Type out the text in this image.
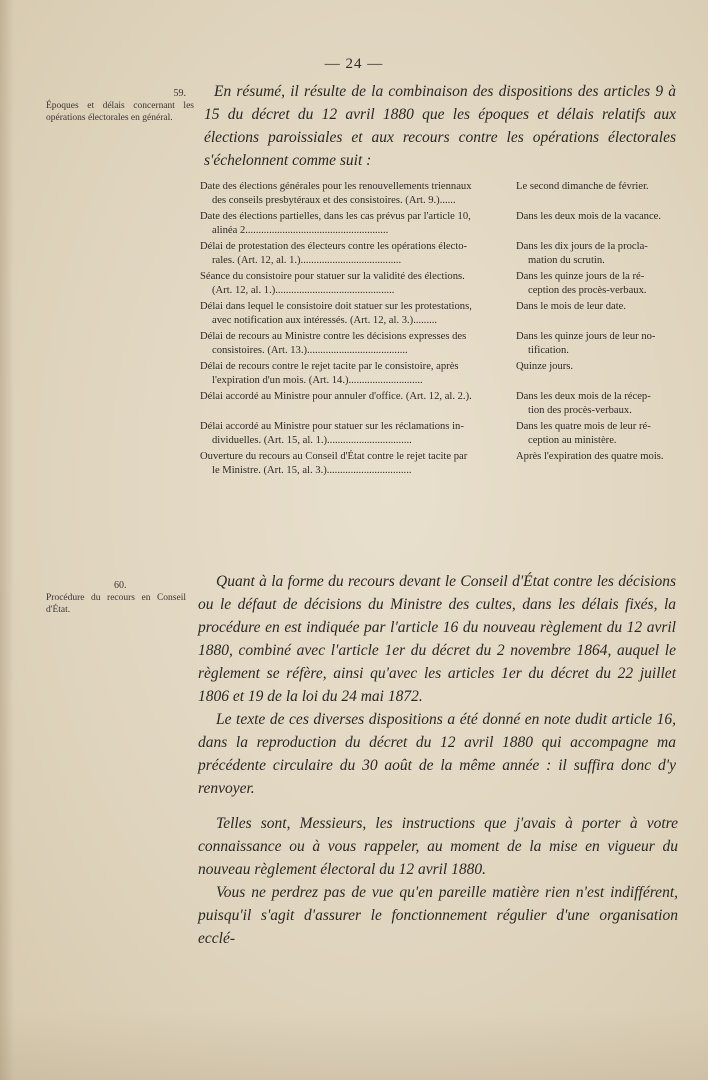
— 24 —
59.
Époques et délais concernant les opérations électorales en général.

En résumé, il résulte de la combinaison des dispositions des articles 9 à 15 du décret du 12 avril 1880 que les époques et délais relatifs aux élections paroissiales et aux recours contre les opérations électorales s'échelonnent comme suit :

Date des élections générales pour les renouvellements triennaux
des conseils presbytéraux et des consistoires. (Art. 9.)......
Le second dimanche de février.
Date des élections partielles, dans les cas prévus par l'article 10,
alinéa 2......................................................
Dans les deux mois de la vacance.
Délai de protestation des électeurs contre les opérations électo-
rales. (Art. 12, al. 1.)......................................
Dans les dix jours de la procla-
mation du scrutin.
Séance du consistoire pour statuer sur la validité des élections.
(Art. 12, al. 1.).............................................
Dans les quinze jours de la ré-
ception des procès-verbaux.
Délai dans lequel le consistoire doit statuer sur les protestations,
avec notification aux intéressés. (Art. 12, al. 3.).........
Dans le mois de leur date.
Délai de recours au Ministre contre les décisions expresses des
consistoires. (Art. 13.)......................................
Dans les quinze jours de leur no-
tification.
Délai de recours contre le rejet tacite par le consistoire, après
l'expiration d'un mois. (Art. 14.)............................
Quinze jours.
Délai accordé au Ministre pour annuler d'office. (Art. 12, al. 2.).	Dans les deux mois de la récep-
tion des procès-verbaux.
Délai accordé au Ministre pour statuer sur les réclamations in-
dividuelles. (Art. 15, al. 1.)................................
Dans les quatre mois de leur ré-
ception au ministère.
Ouverture du recours au Conseil d'État contre le rejet tacite par
le Ministre. (Art. 15, al. 3.)................................
Après l'expiration des quatre mois.
60.
Procédure du recours en Conseil d'État.

Quant à la forme du recours devant le Conseil d'État contre les décisions ou le défaut de décisions du Ministre des cultes, dans les délais fixés, la procédure en est indiquée par l'article 16 du nouveau règlement du 12 avril 1880, combiné avec l'article 1er du décret du 2 novembre 1864, auquel le règlement se réfère, ainsi qu'avec les articles 1er du décret du 22 juillet 1806 et 19 de la loi du 24 mai 1872.

Le texte de ces diverses dispositions a été donné en note dudit article 16, dans la reproduction du décret du 12 avril 1880 qui accompagne ma précédente circulaire du 30 août de la même année : il suffira donc d'y renvoyer.

Telles sont, Messieurs, les instructions que j'avais à porter à votre connaissance ou à vous rappeler, au moment de la mise en vigueur du nouveau règlement électoral du 12 avril 1880.

Vous ne perdrez pas de vue qu'en pareille matière rien n'est indifférent, puisqu'il s'agit d'assurer le fonctionnement régulier d'une organisation ecclé-
